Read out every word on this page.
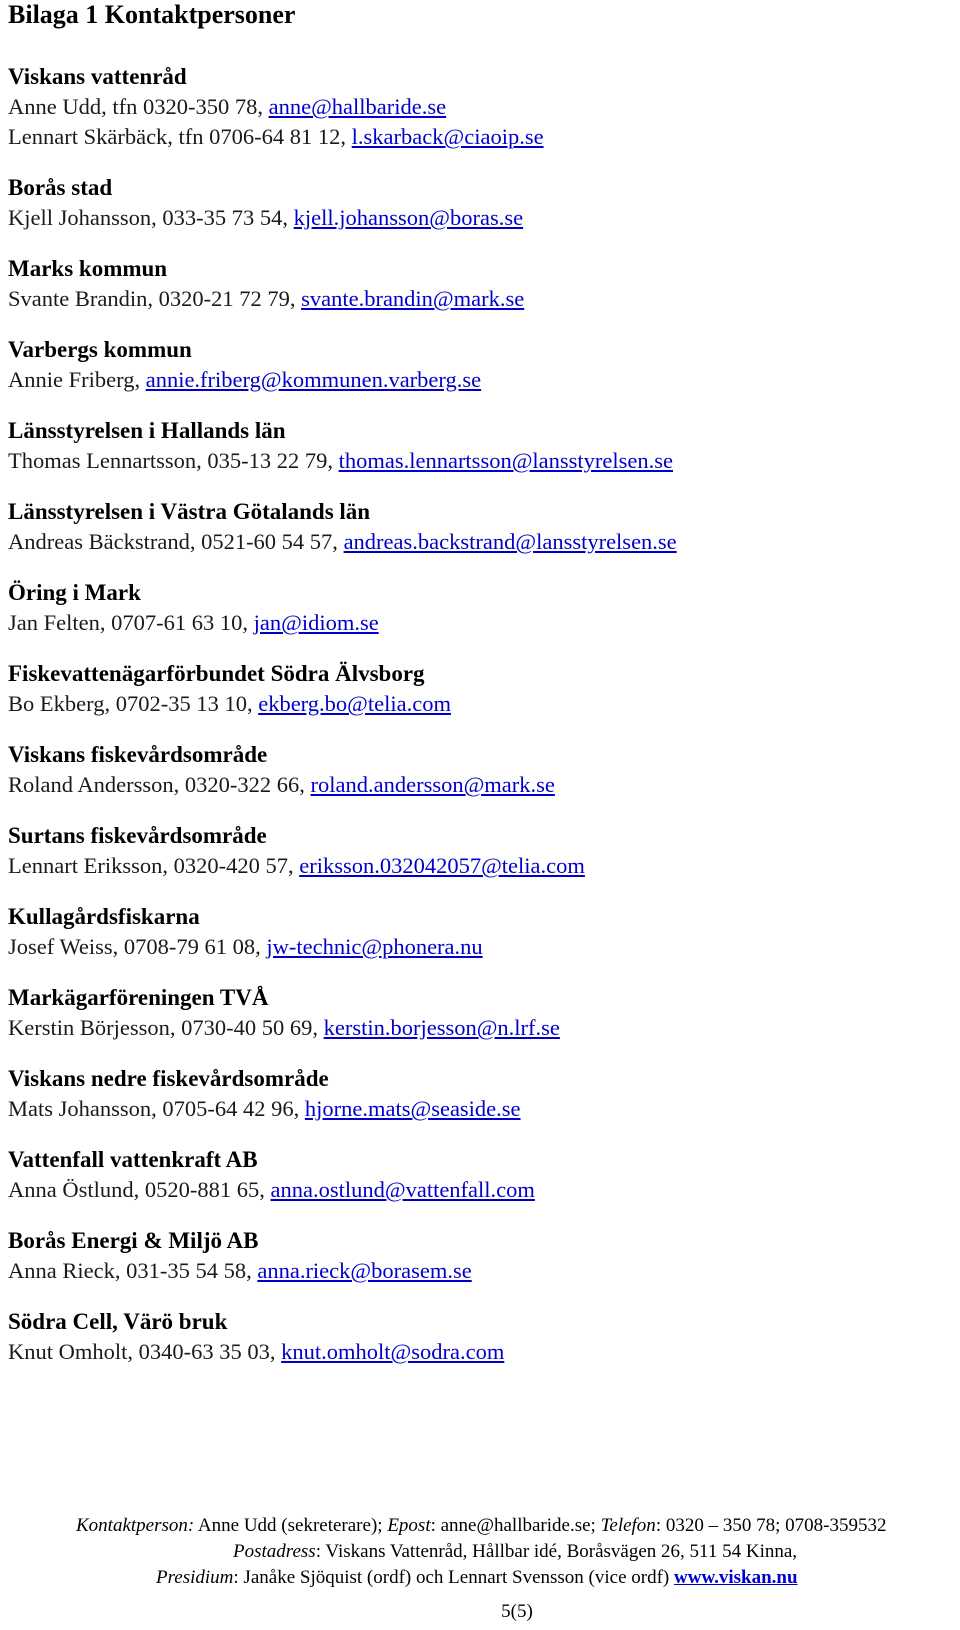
Bilaga 1 Kontaktpersoner
Viskans vattenråd
Anne Udd, tfn 0320-350 78, anne@hallbaride.se
Lennart Skärbäck, tfn 0706-64 81 12, l.skarback@ciaoip.se
Borås stad
Kjell Johansson, 033-35 73 54, kjell.johansson@boras.se
Marks kommun
Svante Brandin, 0320-21 72 79, svante.brandin@mark.se
Varbergs kommun
Annie Friberg, annie.friberg@kommunen.varberg.se
Länsstyrelsen i Hallands län
Thomas Lennartsson, 035-13 22 79, thomas.lennartsson@lansstyrelsen.se
Länsstyrelsen i Västra Götalands län
Andreas Bäckstrand, 0521-60 54 57, andreas.backstrand@lansstyrelsen.se
Öring i Mark
Jan Felten, 0707-61 63 10, jan@idiom.se
Fiskevattenägarförbundet Södra Älvsborg
Bo Ekberg, 0702-35 13 10, ekberg.bo@telia.com
Viskans fiskevårdsområde
Roland Andersson, 0320-322 66, roland.andersson@mark.se
Surtans fiskevårdsområde
Lennart Eriksson, 0320-420 57, eriksson.032042057@telia.com
Kullagårdsfiskarna
Josef Weiss, 0708-79 61 08, jw-technic@phonera.nu
Markägarföreningen TVÅ
Kerstin Börjesson, 0730-40 50 69, kerstin.borjesson@n.lrf.se
Viskans nedre fiskevårdsområde
Mats Johansson, 0705-64 42 96, hjorne.mats@seaside.se
Vattenfall vattenkraft AB
Anna Östlund, 0520-881 65, anna.ostlund@vattenfall.com
Borås Energi & Miljö AB
Anna Rieck, 031-35 54 58, anna.rieck@borasem.se
Södra Cell, Värö bruk
Knut Omholt, 0340-63 35 03, knut.omholt@sodra.com
Kontaktperson: Anne Udd (sekreterare); Epost: anne@hallbaride.se; Telefon: 0320 – 350 78; 0708-359532
Postadress: Viskans Vattenråd, Hållbar idé, Boråsvägen 26, 511 54 Kinna,
Presidium: Janåke Sjöquist (ordf) och Lennart Svensson (vice ordf) www.viskan.nu
5(5)
